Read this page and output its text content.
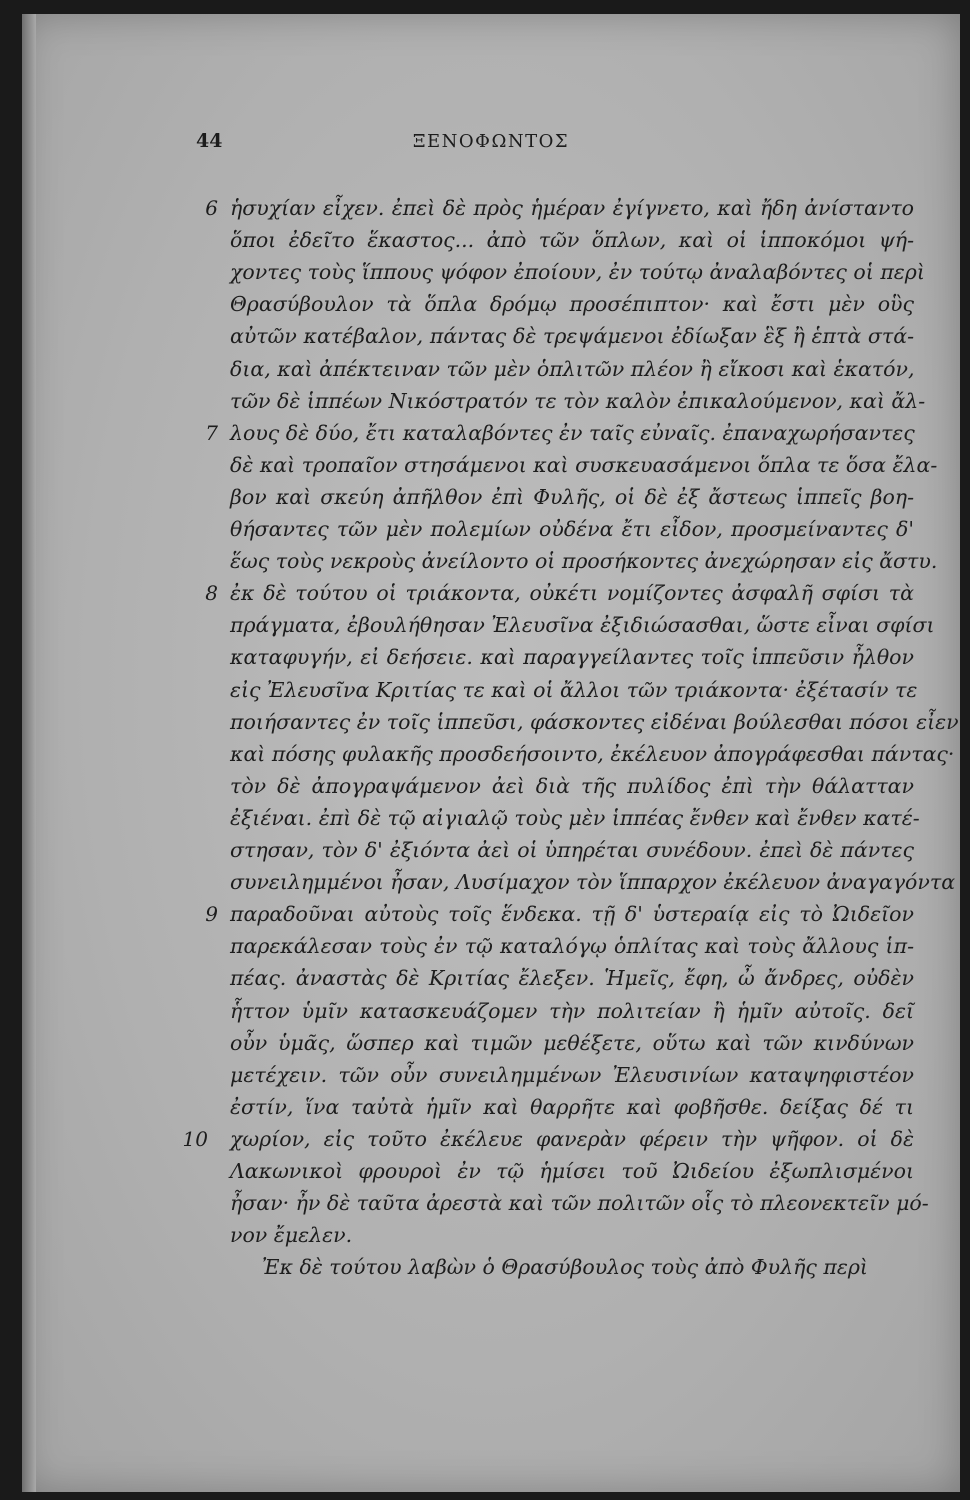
44	ΞΕΝΟΦΩΝΤΟΣ
ἡσυχίαν εἶχεν. ἐπεὶ δὲ πρὸς ἡμέραν ἐγίγνετο, καὶ ἤδη ἀνίσταντο
ὅποι ἐδεῖτο ἕκαστος... ἀπὸ τῶν ὅπλων, καὶ οἱ ἱπποκόμοι ψή-
χοντες τοὺς ἵππους ψόφον ἐποίουν, ἐν τούτῳ ἀναλαβόντες οἱ περὶ
Θρασύβουλον τὰ ὅπλα δρόμῳ προσέπιπτον· καὶ ἔστι μὲν οὓς
αὐτῶν κατέβαλον, πάντας δὲ τρεψάμενοι ἐδίωξαν ἓξ ἢ ἑπτὰ στά-
δια, καὶ ἀπέκτειναν τῶν μὲν ὁπλιτῶν πλέον ἢ εἴκοσι καὶ ἑκατόν,
τῶν δὲ ἱππέων Νικόστρατόν τε τὸν καλὸν ἐπικαλούμενον, καὶ ἄλ-
λους δὲ δύο, ἔτι καταλαβόντες ἐν ταῖς εὐναῖς. ἐπαναχωρήσαντες
δὲ καὶ τροπαῖον στησάμενοι καὶ συσκευασάμενοι ὅπλα τε ὅσα ἔλα-
βον καὶ σκεύη ἀπῆλθον ἐπὶ Φυλῆς, οἱ δὲ ἐξ ἄστεως ἱππεῖς βοη-
θήσαντες τῶν μὲν πολεμίων οὐδένα ἔτι εἶδον, προσμείναντες δ'
ἕως τοὺς νεκροὺς ἀνείλοντο οἱ προσήκοντες ἀνεχώρησαν εἰς ἄστυ.
ἐκ δὲ τούτου οἱ τριάκοντα, οὐκέτι νομίζοντες ἀσφαλῆ σφίσι τὰ
πράγματα, ἐβουλήθησαν Ἐλευσῖνα ἐξιδιώσασθαι, ὥστε εἶναι σφίσι
καταφυγήν, εἰ δεήσειε. καὶ παραγγείλαντες τοῖς ἱππεῦσιν ἦλθον
εἰς Ἐλευσῖνα Κριτίας τε καὶ οἱ ἄλλοι τῶν τριάκοντα· ἐξέτασίν τε
ποιήσαντες ἐν τοῖς ἱππεῦσι, φάσκοντες εἰδέναι βούλεσθαι πόσοι εἶεν
καὶ πόσης φυλακῆς προσδεήσοιντο, ἐκέλευον ἀπογράφεσθαι πάντας·
τὸν δὲ ἀπογραψάμενον ἀεὶ διὰ τῆς πυλίδος ἐπὶ τὴν θάλατταν
ἐξιέναι. ἐπὶ δὲ τῷ αἰγιαλῷ τοὺς μὲν ἱππέας ἔνθεν καὶ ἔνθεν κατέ-
στησαν, τὸν δ' ἐξιόντα ἀεὶ οἱ ὑπηρέται συνέδουν. ἐπεὶ δὲ πάντες
συνειλημμένοι ἦσαν, Λυσίμαχον τὸν ἵππαρχον ἐκέλευον ἀναγαγόντα
παραδοῦναι αὐτοὺς τοῖς ἕνδεκα. τῇ δ' ὑστεραίᾳ εἰς τὸ Ὠιδεῖον
παρεκάλεσαν τοὺς ἐν τῷ καταλόγῳ ὁπλίτας καὶ τοὺς ἄλλους ἱπ-
πέας. ἀναστὰς δὲ Κριτίας ἔλεξεν. Ἡμεῖς, ἔφη, ὦ ἄνδρες, οὐδὲν
ἧττον ὑμῖν κατασκευάζομεν τὴν πολιτείαν ἢ ἡμῖν αὐτοῖς. δεῖ
οὖν ὑμᾶς, ὥσπερ καὶ τιμῶν μεθέξετε, οὕτω καὶ τῶν κινδύνων
μετέχειν. τῶν οὖν συνειλημμένων Ἐλευσινίων καταψηφιστέον
ἐστίν, ἵνα ταὐτὰ ἡμῖν καὶ θαρρῆτε καὶ φοβῆσθε. δείξας δέ τι
χωρίον, εἰς τοῦτο ἐκέλευε φανερὰν φέρειν τὴν ψῆφον. οἱ δὲ
Λακωνικοὶ φρουροὶ ἐν τῷ ἡμίσει τοῦ Ὠιδείου ἐξωπλισμένοι
ἦσαν· ἦν δὲ ταῦτα ἀρεστὰ καὶ τῶν πολιτῶν οἷς τὸ πλεονεκτεῖν μό-
νον ἔμελεν.
Ἐκ δὲ τούτου λαβὼν ὁ Θρασύβουλος τοὺς ἀπὸ Φυλῆς περὶ
6
7
8
9
10
